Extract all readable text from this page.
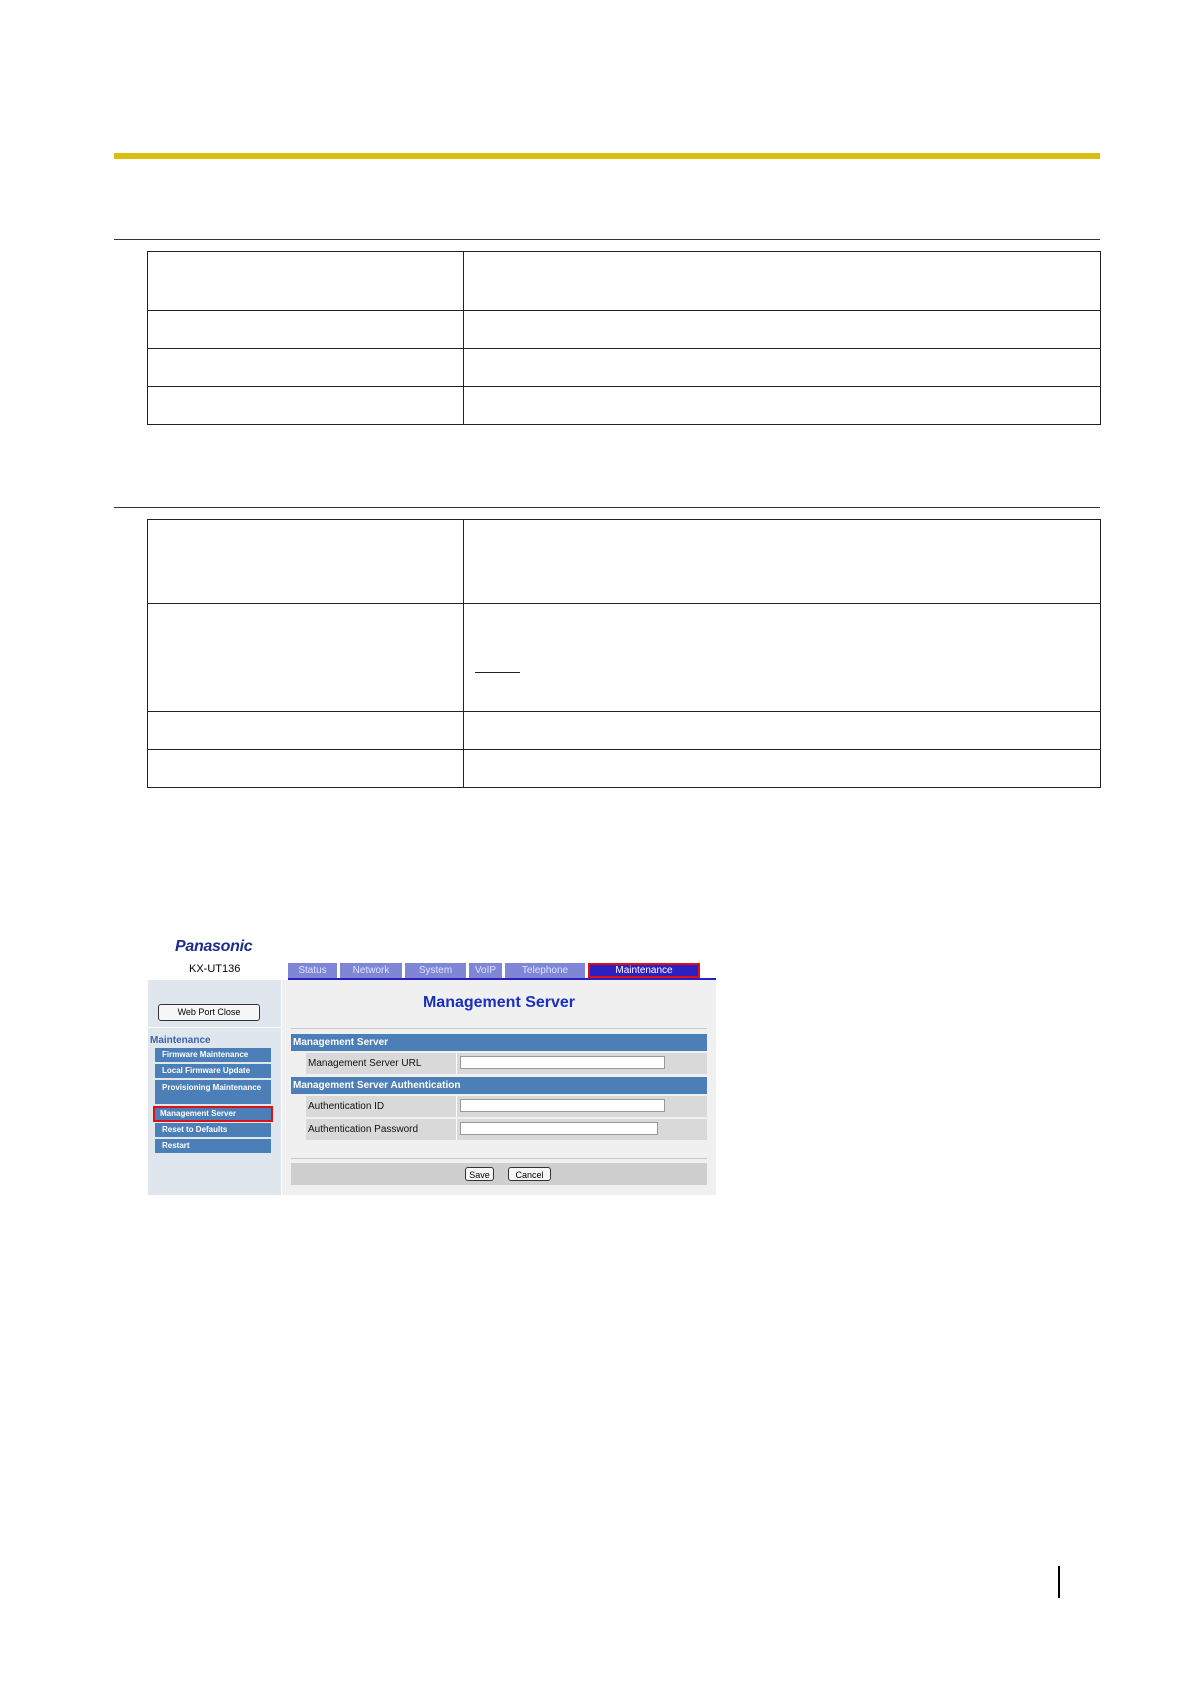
Panasonic
KX-UT136	Status	Network	System	VoIP	Telephone	Maintenance
Web Port Close
Maintenance
Firmware Maintenance
Local Firmware Update
Provisioning Maintenance
Management Server
Reset to Defaults
Restart
Management Server
Management Server
Management Server URL
Management Server Authentication
Authentication ID
Authentication Password
Save	Cancel
